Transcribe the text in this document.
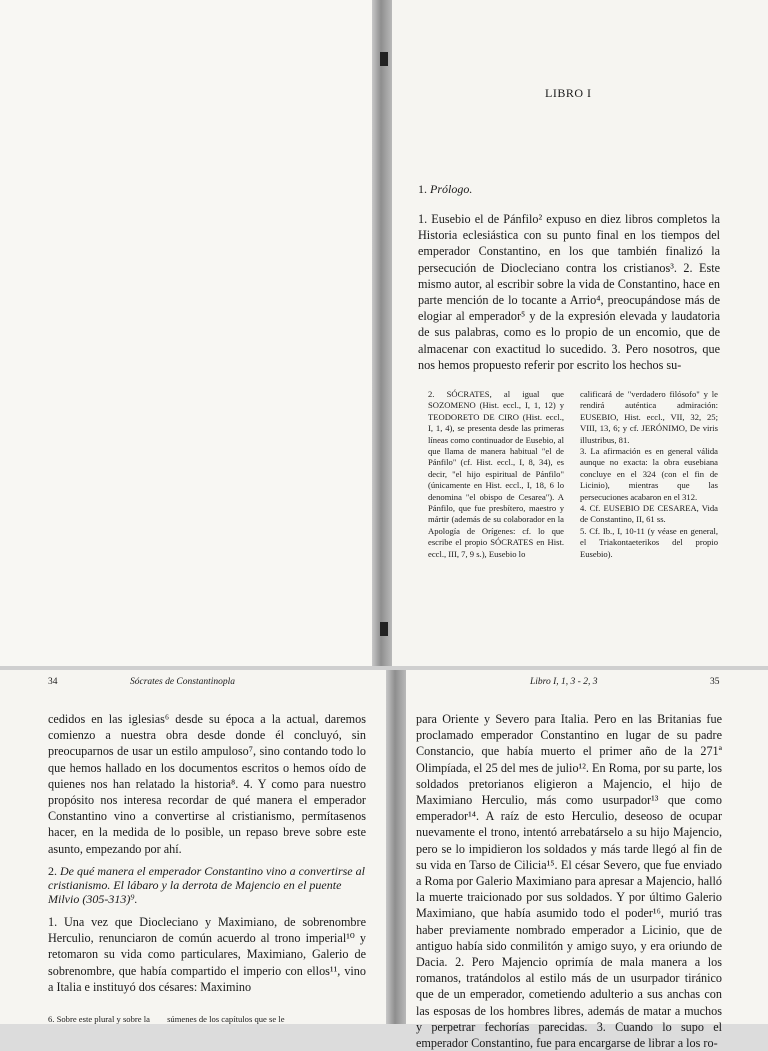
LIBRO I
1. Prólogo.
1. Eusebio el de Pánfilo² expuso en diez libros completos la Historia eclesiástica con su punto final en los tiempos del emperador Constantino, en los que también finalizó la persecución de Diocleciano contra los cristianos³. 2. Este mismo autor, al escribir sobre la vida de Constantino, hace en parte mención de lo tocante a Arrio⁴, preocupándose más de elogiar al emperador⁵ y de la expresión elevada y laudatoria de sus palabras, como es lo propio de un encomio, que de almacenar con exactitud lo sucedido. 3. Pero nosotros, que nos hemos propuesto referir por escrito los hechos su-
2. SÓCRATES, al igual que SOZOMENO (Hist. eccl., I, 1, 12) y TEODORETO DE CIRO (Hist. eccl., I, 1, 4), se presenta desde las primeras líneas como continuador de Eusebio, al que llama de manera habitual "el de Pánfilo" (cf. Hist. eccl., I, 8, 34), es decir, "el hijo espiritual de Pánfilo" (únicamente en Hist. eccl., I, 18, 6 lo denomina "el obispo de Cesarea"). A Pánfilo, que fue presbítero, maestro y mártir (además de su colaborador en la Apología de Orígenes: cf. lo que escribe el propio SÓCRATES en Hist. eccl., III, 7, 9 s.), Eusebio lo
calificará de "verdadero filósofo" y le rendirá auténtica admiración: EUSEBIO, Hist. eccl., VII, 32, 25; VIII, 13, 6; y cf. JERÓNIMO, De viris illustribus, 81.
3. La afirmación es en general válida aunque no exacta: la obra eusebiana concluye en el 324 (con el fin de Licinio), mientras que las persecuciones acabaron en el 312.
4. Cf. EUSEBIO DE CESAREA, Vida de Constantino, II, 61 ss.
5. Cf. Ib., I, 10-11 (y véase en general, el Triakontaeterikos del propio Eusebio).
34	Sócrates de Constantinopla	Libro I, 1, 3 - 2, 3	35
cedidos en las iglesias⁶ desde su época a la actual, daremos comienzo a nuestra obra desde donde él concluyó, sin preocuparnos de usar un estilo ampuloso⁷, sino contando todo lo que hemos hallado en los documentos escritos o hemos oído de quienes nos han relatado la historia⁸. 4. Y como para nuestro propósito nos interesa recordar de qué manera el emperador Constantino vino a convertirse al cristianismo, permítasenos hacer, en la medida de lo posible, un repaso breve sobre este asunto, empezando por ahí.
2. De qué manera el emperador Constantino vino a convertirse al cristianismo. El lábaro y la derrota de Majencio en el puente Milvio (305-313)⁹.
1. Una vez que Diocleciano y Maximiano, de sobrenombre Herculio, renunciaron de común acuerdo al trono imperial¹⁰ y retomaron su vida como particulares, Maximiano, Galerio de sobrenombre, que había compartido el imperio con ellos¹¹, vino a Italia e instituyó dos césares: Maximino
6. Sobre este plural y sobre la        súmenes de los capítulos que se le
para Oriente y Severo para Italia. Pero en las Britanias fue proclamado emperador Constantino en lugar de su padre Constancio, que había muerto el primer año de la 271ª Olimpíada, el 25 del mes de julio¹². En Roma, por su parte, los soldados pretorianos eligieron a Majencio, el hijo de Maximiano Herculio, más como usurpador¹³ que como emperador¹⁴. A raíz de esto Herculio, deseoso de ocupar nuevamente el trono, intentó arrebatárselo a su hijo Majencio, pero se lo impidieron los soldados y más tarde llegó al fin de su vida en Tarso de Cilicia¹⁵. El césar Severo, que fue enviado a Roma por Galerio Maximiano para apresar a Majencio, halló la muerte traicionado por sus soldados. Y por último Galerio Maximiano, que había asumido todo el poder¹⁶, murió tras haber previamente nombrado emperador a Licinio, que de antiguo había sido conmilitón y amigo suyo, y era oriundo de Dacia. 2. Pero Majencio oprimía de mala manera a los romanos, tratándolos al estilo más de un usurpador tiránico que de un emperador, cometiendo adulterio a sus anchas con las esposas de los hombres libres, además de matar a muchos y perpetrar fechorías parecidas. 3. Cuando lo supo el emperador Constantino, fue para encargarse de librar a los ro-
